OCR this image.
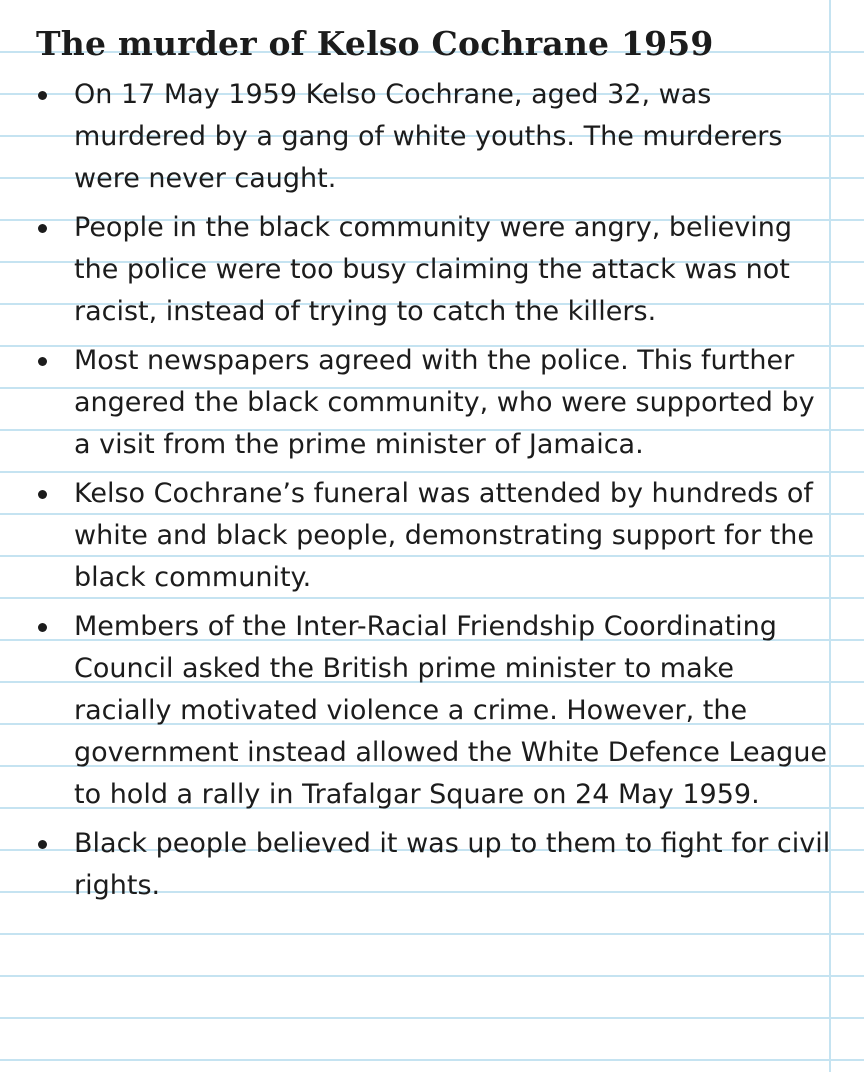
The murder of Kelso Cochrane 1959
On 17 May 1959 Kelso Cochrane, aged 32, was murdered by a gang of white youths. The murderers were never caught.
People in the black community were angry, believing the police were too busy claiming the attack was not racist, instead of trying to catch the killers.
Most newspapers agreed with the police. This further angered the black community, who were supported by a visit from the prime minister of Jamaica.
Kelso Cochrane’s funeral was attended by hundreds of white and black people, demonstrating support for the black community.
Members of the Inter-Racial Friendship Coordinating Council asked the British prime minister to make racially motivated violence a crime. However, the government instead allowed the White Defence League to hold a rally in Trafalgar Square on 24 May 1959.
Black people believed it was up to them to fight for civil rights.
